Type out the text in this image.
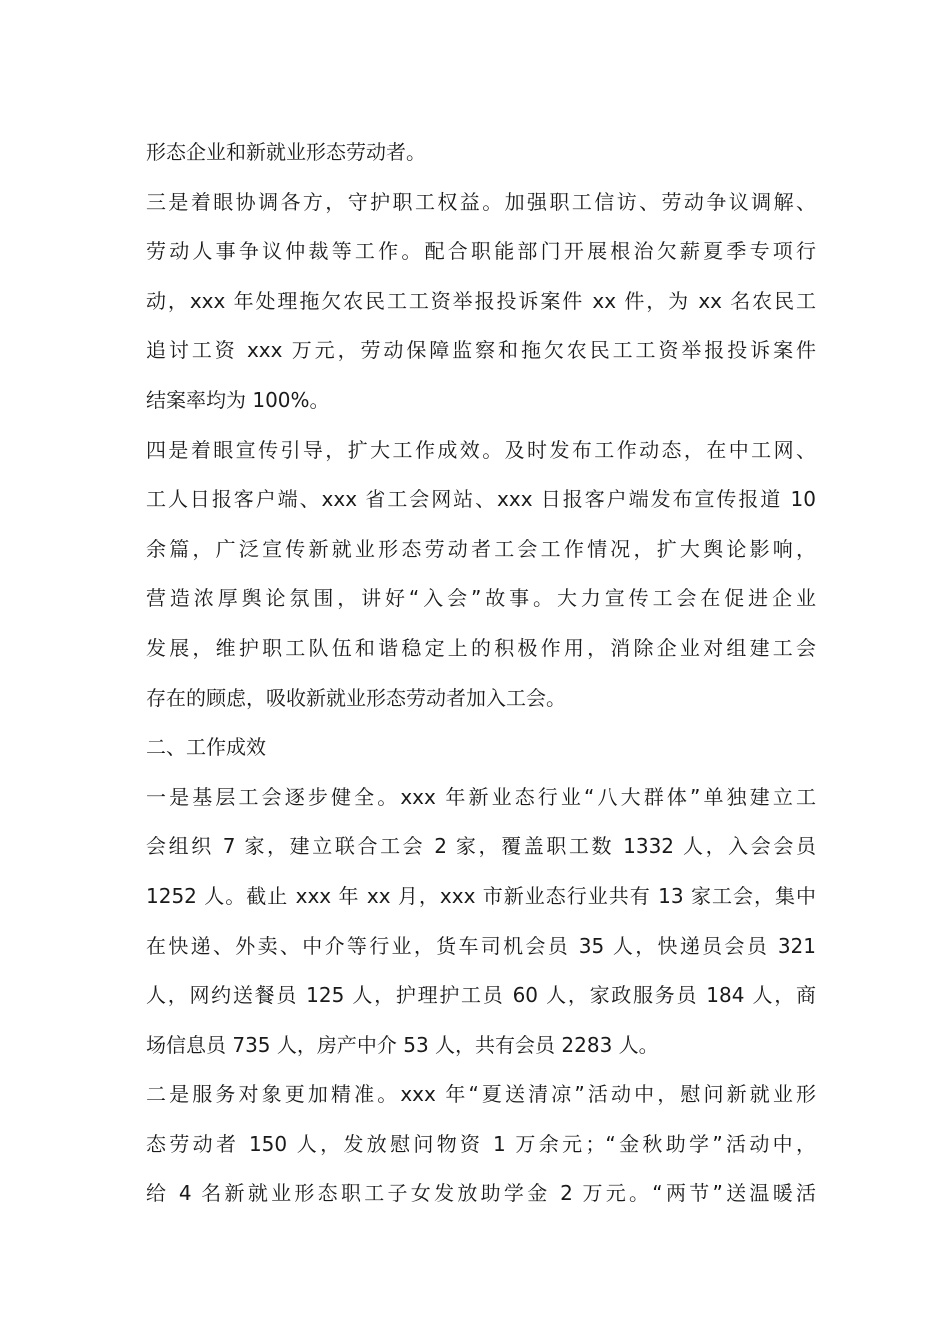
形态企业和新就业形态劳动者。
三是着眼协调各方，守护职工权益。加强职工信访、劳动争议调解、
劳动人事争议仲裁等工作。配合职能部门开展根治欠薪夏季专项行
动，xxx 年处理拖欠农民工工资举报投诉案件 xx 件，为 xx 名农民工
追讨工资 xxx 万元，劳动保障监察和拖欠农民工工资举报投诉案件
结案率均为 100%。
四是着眼宣传引导，扩大工作成效。及时发布工作动态，在中工网、
工人日报客户端、xxx 省工会网站、xxx 日报客户端发布宣传报道 10
余篇，广泛宣传新就业形态劳动者工会工作情况，扩大舆论影响，
营造浓厚舆论氛围，讲好“入会”故事。大力宣传工会在促进企业
发展，维护职工队伍和谐稳定上的积极作用，消除企业对组建工会
存在的顾虑，吸收新就业形态劳动者加入工会。
二、工作成效
一是基层工会逐步健全。xxx 年新业态行业“八大群体”单独建立工
会组织 7 家，建立联合工会 2 家，覆盖职工数 1332 人，入会会员
1252 人。截止 xxx 年 xx 月，xxx 市新业态行业共有 13 家工会，集中
在快递、外卖、中介等行业，货车司机会员 35 人，快递员会员 321
人，网约送餐员 125 人，护理护工员 60 人，家政服务员 184 人，商
场信息员 735 人，房产中介 53 人，共有会员 2283 人。
二是服务对象更加精准。xxx 年“夏送清凉”活动中，慰问新就业形
态劳动者 150 人，发放慰问物资 1 万余元；“金秋助学”活动中，
给 4 名新就业形态职工子女发放助学金 2 万元。“两节”送温暖活
